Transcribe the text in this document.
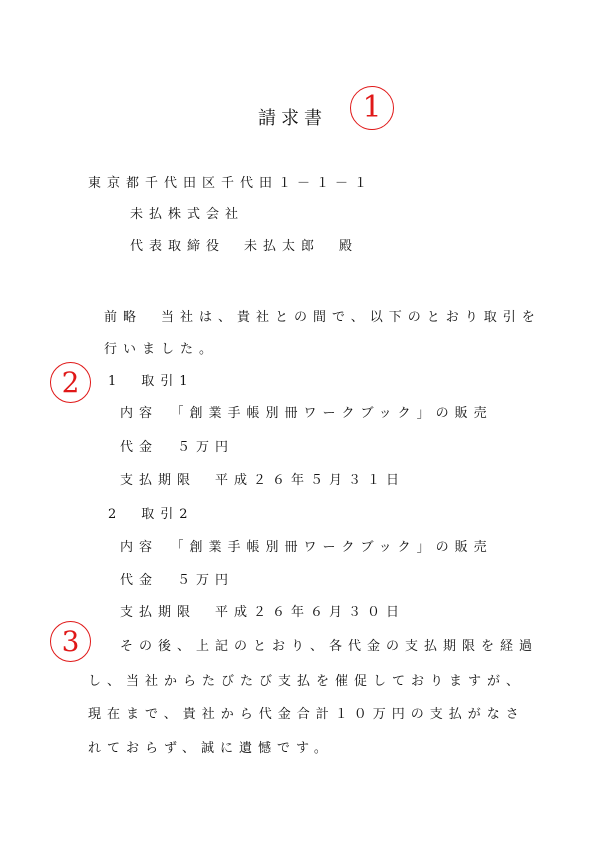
請求書	1
東京都千代田区千代田１－１－１
未払株式会社
代表取締役　未払太郎　殿
前略　当社は、貴社との間で、以下のとおり取引を
行いました。
2	1　取引1
内容　「創業手帳別冊ワークブック」の販売
代金　５万円
支払期限　平成２６年５月３１日
2　取引2
内容　「創業手帳別冊ワークブック」の販売
代金　５万円
支払期限　平成２６年６月３０日
3	その後、上記のとおり、各代金の支払期限を経過
し、当社からたびたび支払を催促しておりますが、
現在まで、貴社から代金合計１０万円の支払がなさ
れておらず、誠に遺憾です。
